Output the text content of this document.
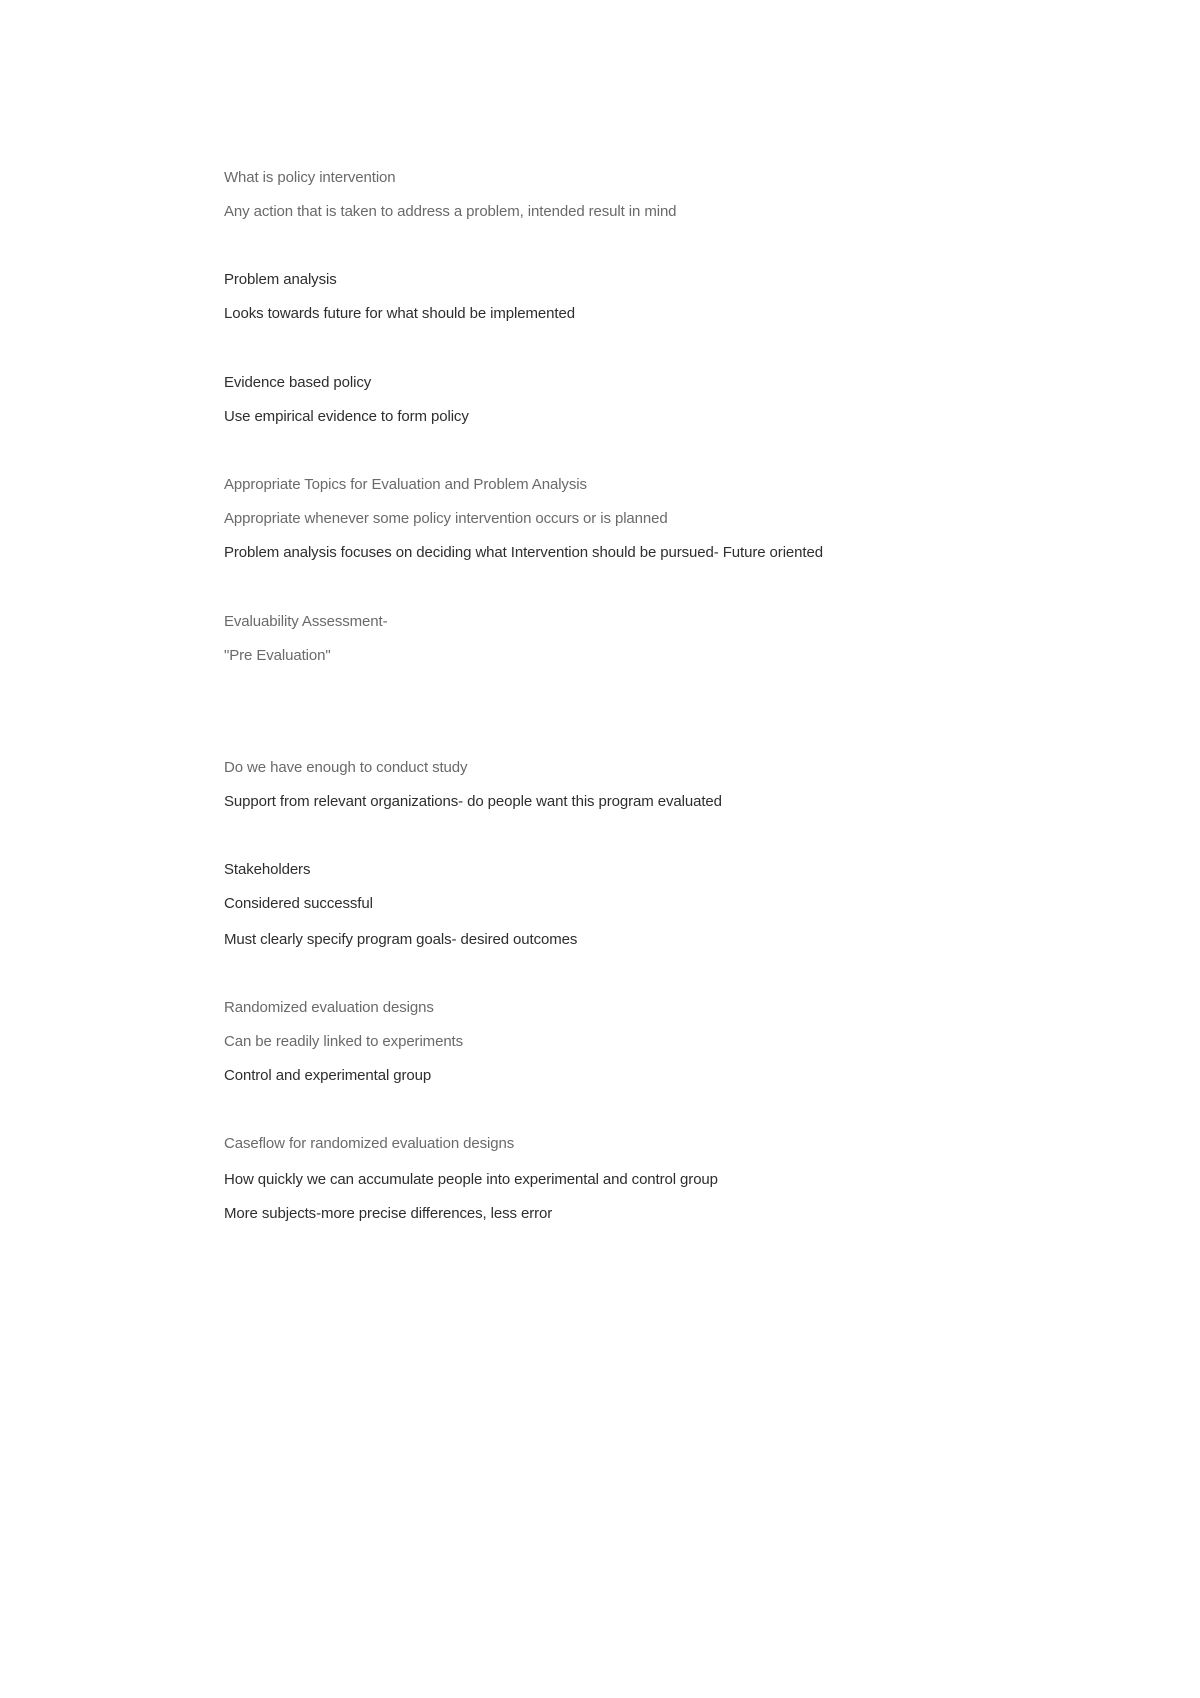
What is policy intervention
Any action that is taken to address a problem, intended result in mind
Problem analysis
Looks towards future for what should be implemented
Evidence based policy
Use empirical evidence to form policy
Appropriate Topics for Evaluation and Problem Analysis
Appropriate whenever some policy intervention occurs or is planned
Problem analysis focuses on deciding what Intervention should be pursued- Future oriented
Evaluability Assessment-
"Pre Evaluation"
Do we have enough to conduct study
Support from relevant organizations- do people want this program evaluated
Stakeholders
Considered successful
Must clearly specify program goals- desired outcomes
Randomized evaluation designs
Can be readily linked to experiments
Control and experimental group
Caseflow for randomized evaluation designs
How quickly we can accumulate people into experimental and control group
More subjects-more precise differences, less error
